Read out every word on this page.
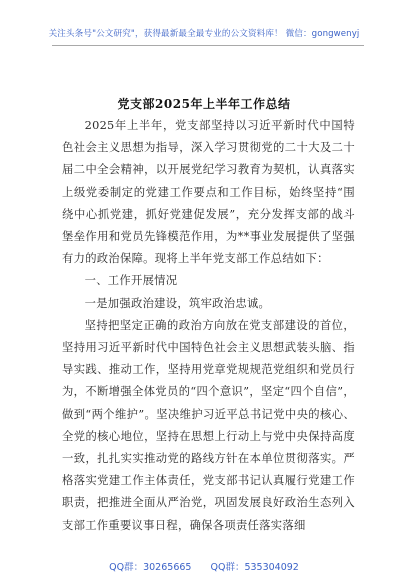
关注头条号"公文研究"，获得最新最全最专业的公文资料库！ 微信：gongwenyj
党支部2025年上半年工作总结

2025年上半年，党支部坚持以习近平新时代中国特色社会主义思想为指导，深入学习贯彻党的二十大及二十届二中全会精神，以开展党纪学习教育为契机，认真落实上级党委制定的党建工作要点和工作目标，始终坚持“围绕中心抓党建，抓好党建促发展”，充分发挥支部的战斗堡垒作用和党员先锋模范作用，为**事业发展提供了坚强有力的政治保障。现将上半年党支部工作总结如下：

一、工作开展情况

一是加强政治建设，筑牢政治忠诚。

坚持把坚定正确的政治方向放在党支部建设的首位，坚持用习近平新时代中国特色社会主义思想武装头脑、指导实践、推动工作，坚持用党章党规规范党组织和党员行为，不断增强全体党员的“四个意识”，坚定“四个自信”，做到“两个维护”。坚决维护习近平总书记党中央的核心、全党的核心地位，坚持在思想上行动上与党中央保持高度一致，扎扎实实推动党的路线方针在本单位贯彻落实。严格落实党建工作主体责任，党支部书记认真履行党建工作职责，把推进全面从严治党，巩固发展良好政治生态列入支部工作重要议事日程，确保各项责任落实落细

QQ群：30265665 QQ群：535304092
